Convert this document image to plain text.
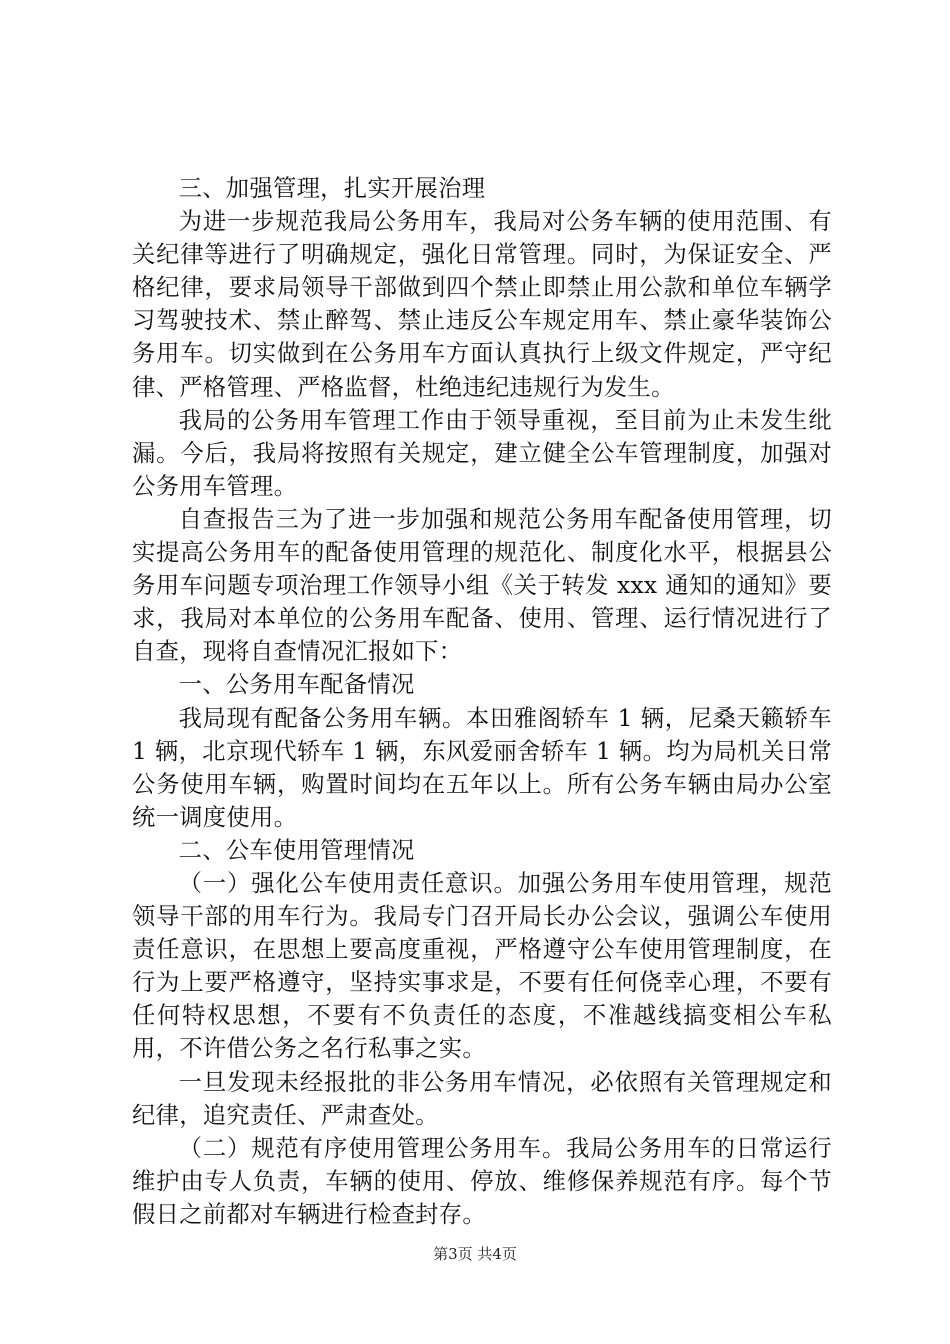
三、加强管理，扎实开展治理

为进一步规范我局公务用车，我局对公务车辆的使用范围、有关纪律等进行了明确规定，强化日常管理。同时，为保证安全、严格纪律，要求局领导干部做到四个禁止即禁止用公款和单位车辆学习驾驶技术、禁止醉驾、禁止违反公车规定用车、禁止豪华装饰公务用车。切实做到在公务用车方面认真执行上级文件规定，严守纪律、严格管理、严格监督，杜绝违纪违规行为发生。

我局的公务用车管理工作由于领导重视，至目前为止未发生纰漏。今后，我局将按照有关规定，建立健全公车管理制度，加强对公务用车管理。

自查报告三为了进一步加强和规范公务用车配备使用管理，切实提高公务用车的配备使用管理的规范化、制度化水平，根据县公务用车问题专项治理工作领导小组《关于转发 xxx 通知的通知》要求，我局对本单位的公务用车配备、使用、管理、运行情况进行了自查，现将自查情况汇报如下：

一、公务用车配备情况

我局现有配备公务用车辆。本田雅阁轿车 1 辆，尼桑天籁轿车 1 辆，北京现代轿车 1 辆，东风爱丽舍轿车 1 辆。均为局机关日常公务使用车辆，购置时间均在五年以上。所有公务车辆由局办公室统一调度使用。

二、公车使用管理情况

（一）强化公车使用责任意识。加强公务用车使用管理，规范领导干部的用车行为。我局专门召开局长办公会议，强调公车使用责任意识，在思想上要高度重视，严格遵守公车使用管理制度，在行为上要严格遵守，坚持实事求是，不要有任何侥幸心理，不要有任何特权思想，不要有不负责任的态度，不准越线搞变相公车私用，不许借公务之名行私事之实。

一旦发现未经报批的非公务用车情况，必依照有关管理规定和纪律，追究责任、严肃查处。

（二）规范有序使用管理公务用车。我局公务用车的日常运行维护由专人负责，车辆的使用、停放、维修保养规范有序。每个节假日之前都对车辆进行检查封存。

第3页 共4页
